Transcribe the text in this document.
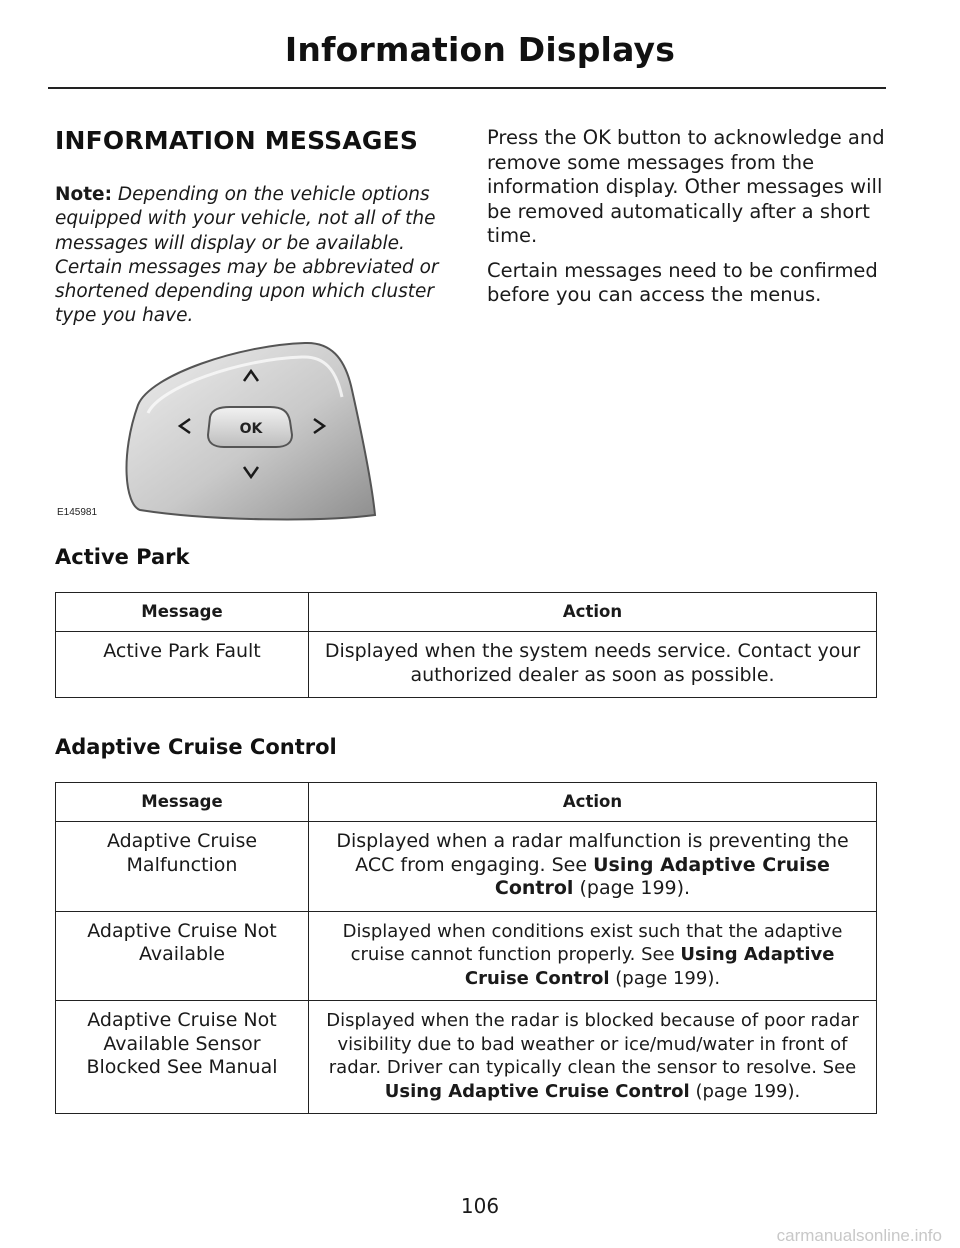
Information Displays
INFORMATION MESSAGES
Note: Depending on the vehicle options equipped with your vehicle, not all of the messages will display or be available. Certain messages may be abbreviated or shortened depending upon which cluster type you have.

Press the OK button to acknowledge and remove some messages from the information display. Other messages will be removed automatically after a short time.

Certain messages need to be confirmed before you can access the menus.

OK
E145981
Active Park
Message	Action
Active Park Fault	Displayed when the system needs service. Contact your authorized dealer as soon as possible.
Adaptive Cruise Control
Message	Action
Adaptive Cruise Malfunction	Displayed when a radar malfunction is preventing the ACC from engaging. See Using Adaptive Cruise Control (page 199).
Adaptive Cruise Not Available	Displayed when conditions exist such that the adaptive cruise cannot function properly. See Using Adaptive Cruise Control (page 199).
Adaptive Cruise Not Available Sensor Blocked See Manual	Displayed when the radar is blocked because of poor radar visibility due to bad weather or ice/mud/water in front of radar. Driver can typically clean the sensor to resolve. See Using Adaptive Cruise Control (page 199).
106
carmanualsonline.info
